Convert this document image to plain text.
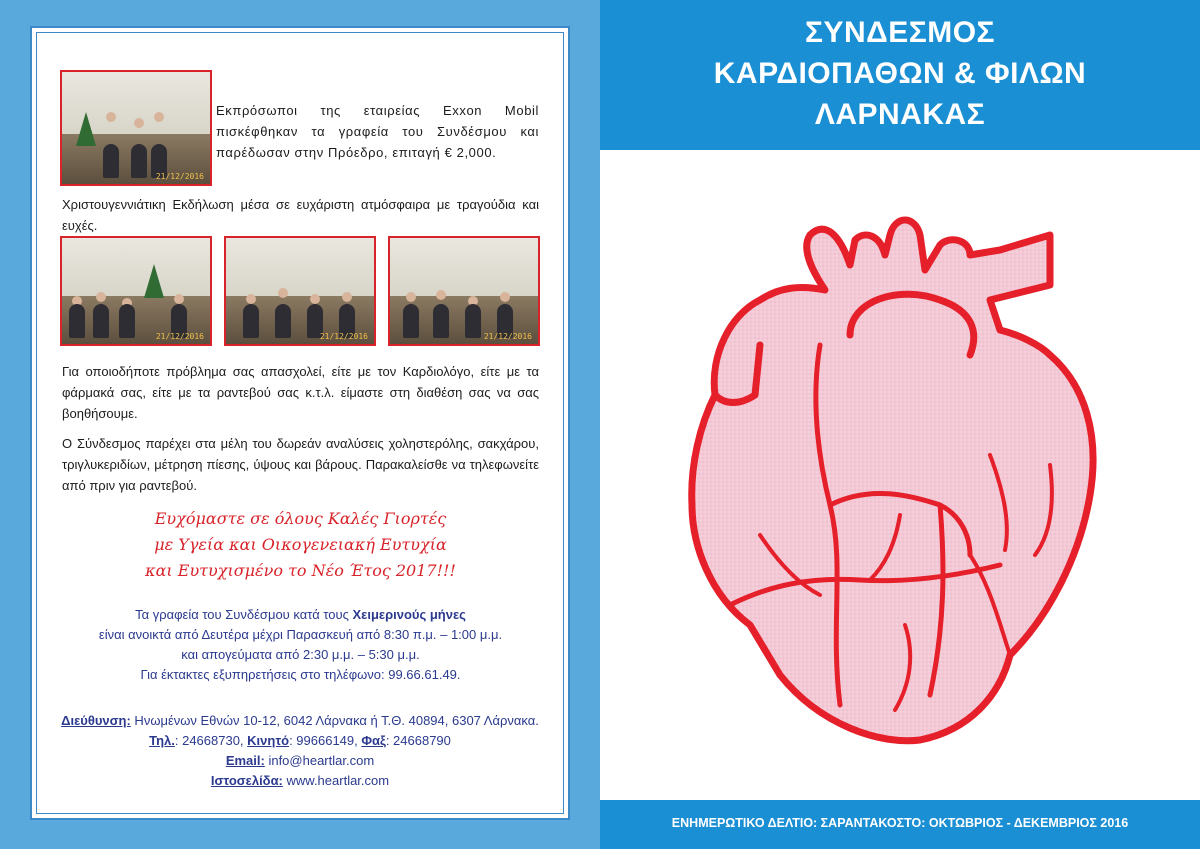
21/12/2016
Εκπρόσωποι της εταιρείας Exxon Mobil πισκέφθηκαν τα γραφεία του Συνδέσμου και παρέδωσαν στην Πρόεδρο, επιταγή € 2,000.
Χριστουγεννιάτικη Εκδήλωση μέσα σε ευχάριστη ατμόσφαιρα με τραγούδια και ευχές.
21/12/2016	21/12/2016	21/12/2016
Για οποιοδήποτε πρόβλημα σας απασχολεί, είτε με τον Καρδιολόγο, είτε με τα φάρμακά σας, είτε με τα ραντεβού σας κ.τ.λ. είμαστε στη διαθέση σας να σας βοηθήσουμε.
Ο Σύνδεσμος παρέχει στα μέλη του δωρεάν αναλύσεις χοληστερόλης, σακχάρου, τριγλυκεριδίων, μέτρηση πίεσης, ύψους και βάρους. Παρακαλείσθε να τηλεφωνείτε από πριν για ραντεβού.
Ευχόμαστε σε όλους Καλές Γιορτές
με Υγεία και Οικογενειακή Ευτυχία
και Ευτυχισμένο το Νέο Έτος 2017!!!
Τα γραφεία του Συνδέσμου κατά τους Χειμερινούς μήνες
είναι ανοικτά από Δευτέρα μέχρι Παρασκευή από 8:30 π.μ. – 1:00 μ.μ.
και απογεύματα από 2:30 μ.μ. – 5:30 μ.μ.
Για έκτακτες εξυπηρετήσεις στο τηλέφωνο: 99.66.61.49.
Διεύθυνση: Ηνωμένων Εθνών 10-12, 6042 Λάρνακα ή Τ.Θ. 40894, 6307 Λάρνακα.
Τηλ.: 24668730, Κινητό: 99666149, Φαξ: 24668790
Email: info@heartlar.com
Ιστοσελίδα: www.heartlar.com
ΣΥΝΔΕΣΜΟΣ
ΚΑΡΔΙΟΠΑΘΩΝ & ΦΙΛΩΝ
ΛΑΡΝΑΚΑΣ
ΕΝΗΜΕΡΩΤΙΚΟ ΔΕΛΤΙΟ: ΣΑΡΑΝΤΑΚΟΣΤΟ: ΟΚΤΩΒΡΙΟΣ - ΔΕΚΕΜΒΡΙΟΣ 2016
